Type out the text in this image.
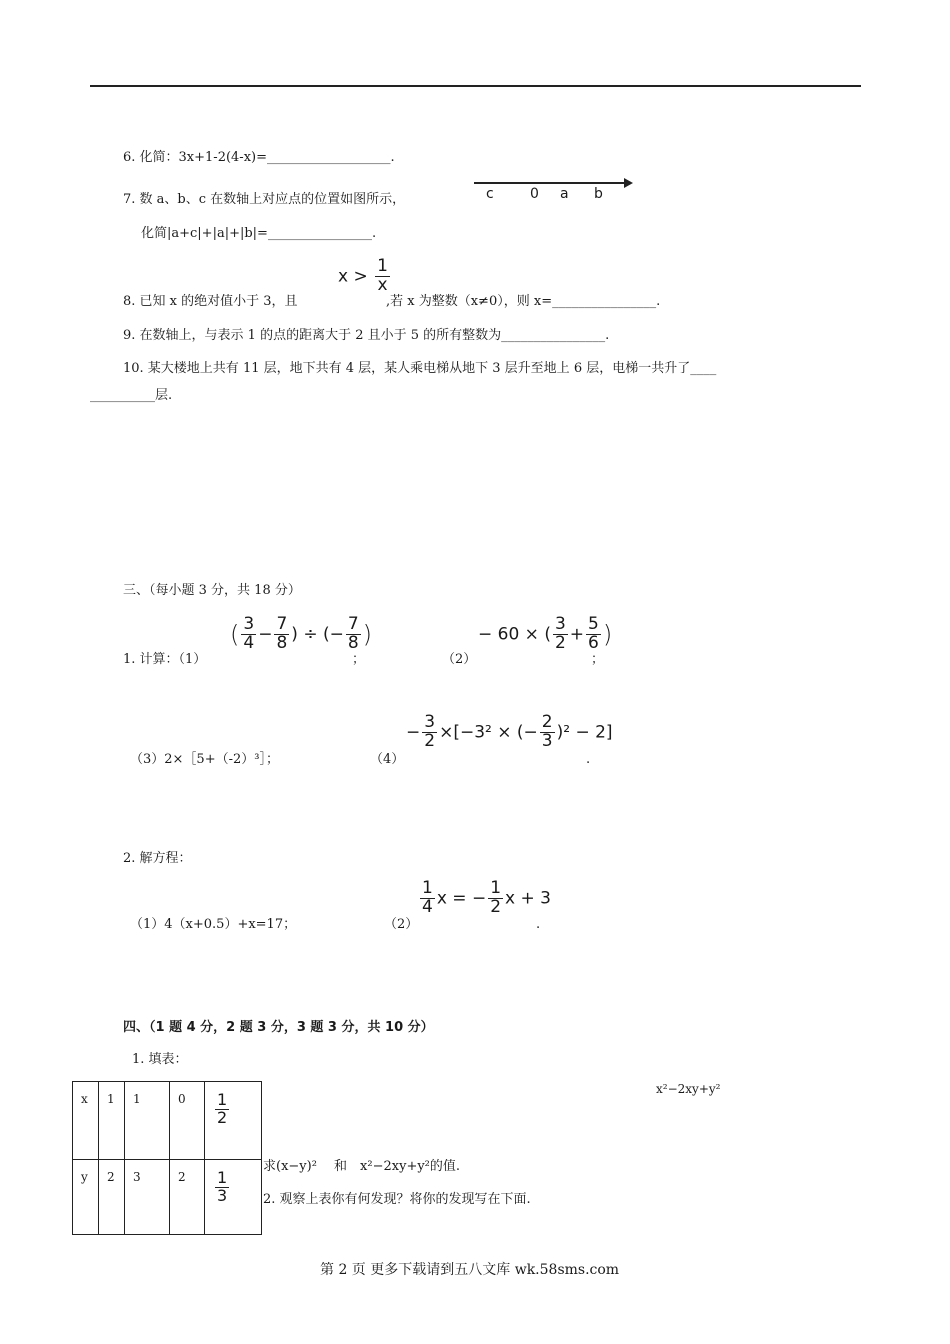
6. 化简：3x+1-2(4-x)=___________________.
7. 数 a、b、c 在数轴上对应点的位置如图所示，	c	0 a b
化简|a+c|+|a|+|b|=________________.
8. 已知 x 的绝对值小于 3，且
$x > \frac{1}{x}$
,若 x 为整数（x≠0），则 x=________________.
9. 在数轴上，与表示 1 的点的距离大于 2 且小于 5 的所有整数为________________.
10. 某大楼地上共有 11 层，地下共有 4 层，某人乘电梯从地下 3 层升至地上 6 层，电梯一共升了____
__________层.
三、（每小题 3 分，共 18 分）
1. 计算：（1）
( $\frac{3}{4} - \frac{7}{8}$ ) ÷ (− $\frac{7}{8}$ )
；	（2）
− 60 × ( $\frac{3}{2} + \frac{5}{6}$ )
；
（3）2×［5+（-2）³］；	（4）
− $\frac{3}{2} \times[-3^2$ × (− $\frac{2}{3} )^2 - 2$]
.
2. 解方程：
（1）4（x+0.5）+x=17；	（2）
$\frac{1}{4}$ x = − $\frac{1}{2}$ x + 3
.
四、（1 题 4 分，2 题 3 分，3 题 3 分，共 10 分）
1. 填表：
x	1	1	0	$\frac{1}{2}$

y	2	3	2	$\frac{1}{3}$
x²−2xy+y²
求(x−y)²　 和　x²−2xy+y²的值.
2. 观察上表你有何发现？将你的发现写在下面.
第 2 页 更多下载请到五八文库 wk.58sms.com
